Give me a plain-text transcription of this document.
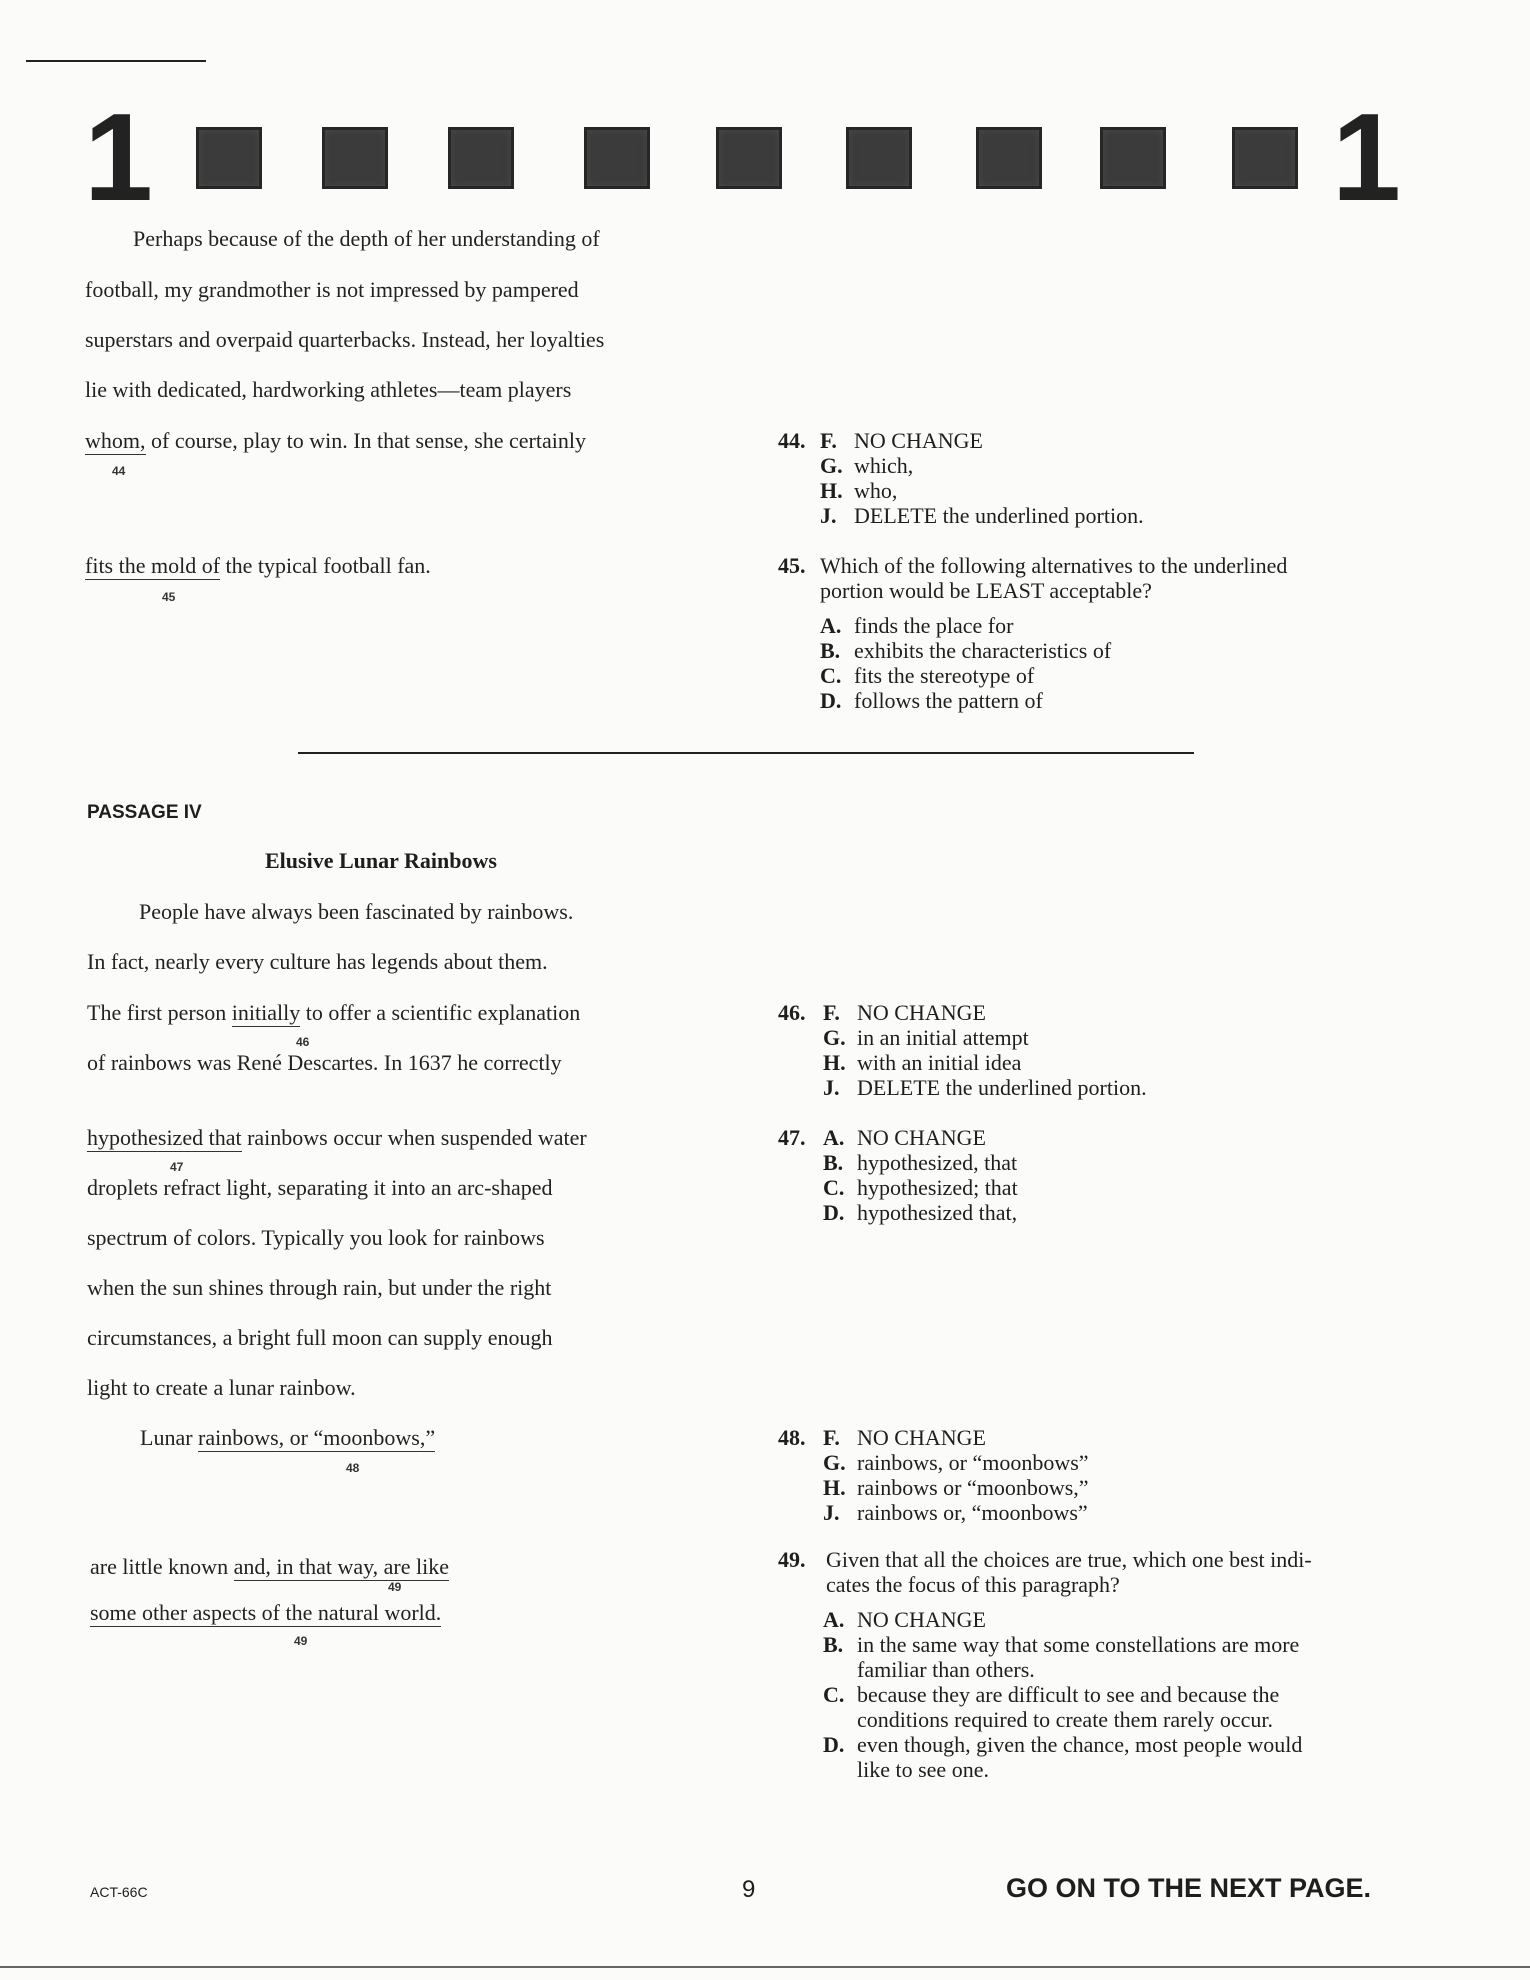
1	1
Perhaps because of the depth of her understanding of
football, my grandmother is not impressed by pampered
superstars and overpaid quarterbacks. Instead, her loyalties
lie with dedicated, hardworking athletes—team players
whom, of course, play to win. In that sense, she certainly
44
fits the mold of the typical football fan.
45
44. F. NO CHANGE
G. which,
H. who,
J. DELETE the underlined portion.
45. Which of the following alternatives to the underlined
portion would be LEAST acceptable?
A. finds the place for
B. exhibits the characteristics of
C. fits the stereotype of
D. follows the pattern of
PASSAGE IV
Elusive Lunar Rainbows
People have always been fascinated by rainbows.
In fact, nearly every culture has legends about them.
The first person initially to offer a scientific explanation
46
of rainbows was René Descartes. In 1637 he correctly
hypothesized that rainbows occur when suspended water
47
droplets refract light, separating it into an arc-shaped
spectrum of colors. Typically you look for rainbows
when the sun shines through rain, but under the right
circumstances, a bright full moon can supply enough
light to create a lunar rainbow.
Lunar rainbows, or “moonbows,”
48
are little known and, in that way, are like
49
some other aspects of the natural world.
49
46. F. NO CHANGE
G. in an initial attempt
H. with an initial idea
J. DELETE the underlined portion.
47. A. NO CHANGE
B. hypothesized, that
C. hypothesized; that
D. hypothesized that,
48. F. NO CHANGE
G. rainbows, or “moonbows”
H. rainbows or “moonbows,”
J. rainbows or, “moonbows”
49. Given that all the choices are true, which one best indi-
cates the focus of this paragraph?
A. NO CHANGE
B. in the same way that some constellations are more
familiar than others.
C. because they are difficult to see and because the
conditions required to create them rarely occur.
D. even though, given the chance, most people would
like to see one.
ACT-66C	9	GO ON TO THE NEXT PAGE.
